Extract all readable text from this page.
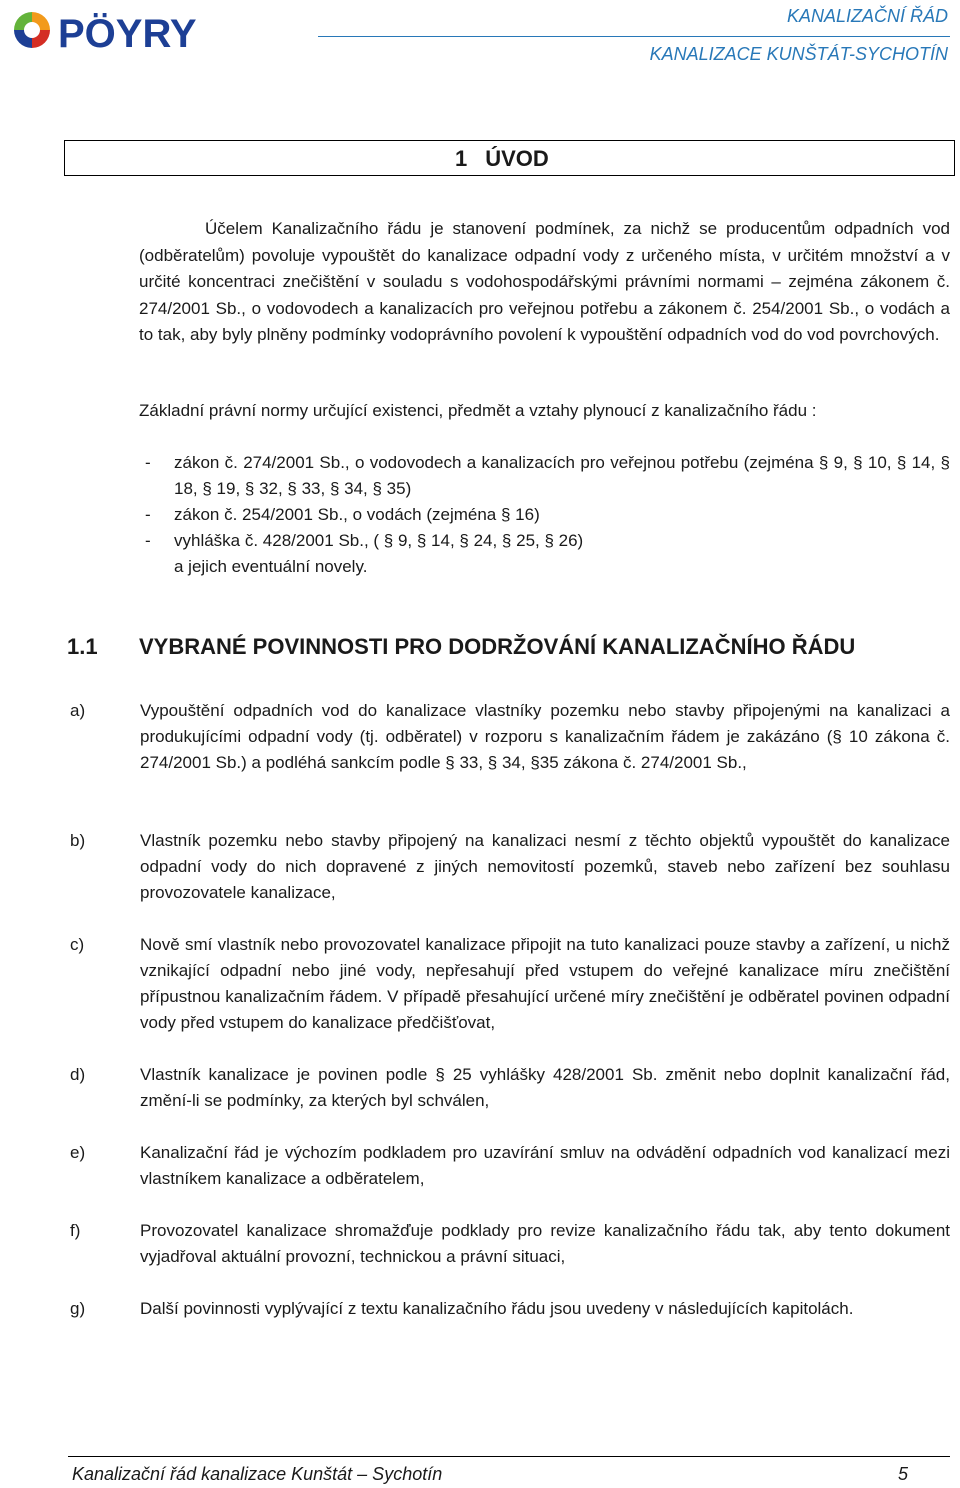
PÖYRY	KANALIZAČNÍ ŘÁD
KANALIZACE KUNŠTÁT-SYCHOTÍN
1 ÚVOD

Účelem Kanalizačního řádu je stanovení podmínek, za nichž se producentům odpadních vod (odběratelům) povoluje vypouštět do kanalizace odpadní vody z určeného místa, v určitém množství a v určité koncentraci znečištění v souladu s vodohospodářskými právními normami – zejména zákonem č. 274/2001 Sb., o vodovodech a kanalizacích pro veřejnou potřebu a zákonem č. 254/2001 Sb., o vodách a to tak, aby byly plněny podmínky vodoprávního povolení k vypouštění odpadních vod do vod povrchových.

Základní právní normy určující existenci, předmět a vztahy plynoucí z kanalizačního řádu :

- zákon č. 274/2001 Sb., o vodovodech a kanalizacích pro veřejnou potřebu (zejména § 9, § 10, § 14, § 18, § 19, § 32, § 33, § 34, § 35)
- zákon č. 254/2001 Sb., o vodách (zejména § 16)
- vyhláška č. 428/2001 Sb., ( § 9, § 14, § 24, § 25, § 26)
a jejich eventuální novely.
1.1 VYBRANÉ POVINNOSTI PRO DODRŽOVÁNÍ KANALIZAČNÍHO ŘÁDU
a)	Vypouštění odpadních vod do kanalizace vlastníky pozemku nebo stavby připojenými na kanalizaci a produkujícími odpadní vody (tj. odběratel) v rozporu s kanalizačním řádem je zakázáno (§ 10 zákona č. 274/2001 Sb.) a podléhá sankcím podle § 33, § 34, §35 zákona č. 274/2001 Sb.,
b)	Vlastník pozemku nebo stavby připojený na kanalizaci nesmí z těchto objektů vypouštět do kanalizace odpadní vody do nich dopravené z jiných nemovitostí pozemků, staveb nebo zařízení bez souhlasu provozovatele kanalizace,
c)	Nově smí vlastník nebo provozovatel kanalizace připojit na tuto kanalizaci pouze stavby a zařízení, u nichž vznikající odpadní nebo jiné vody, nepřesahují před vstupem do veřejné kanalizace míru znečištění přípustnou kanalizačním řádem. V případě přesahující určené míry znečištění je odběratel povinen odpadní vody před vstupem do kanalizace předčišťovat,
d)	Vlastník kanalizace je povinen podle § 25 vyhlášky 428/2001 Sb. změnit nebo doplnit kanalizační řád, změní-li se podmínky, za kterých byl schválen,
e)	Kanalizační řád je výchozím podkladem pro uzavírání smluv na odvádění odpadních vod kanalizací mezi vlastníkem kanalizace a odběratelem,
f)	Provozovatel kanalizace shromažďuje podklady pro revize kanalizačního řádu tak, aby tento dokument vyjadřoval aktuální provozní, technickou a právní situaci,
g)	Další povinnosti vyplývající z textu kanalizačního řádu jsou uvedeny v následujících kapitolách.
Kanalizační řád kanalizace Kunštát – Sychotín	5
